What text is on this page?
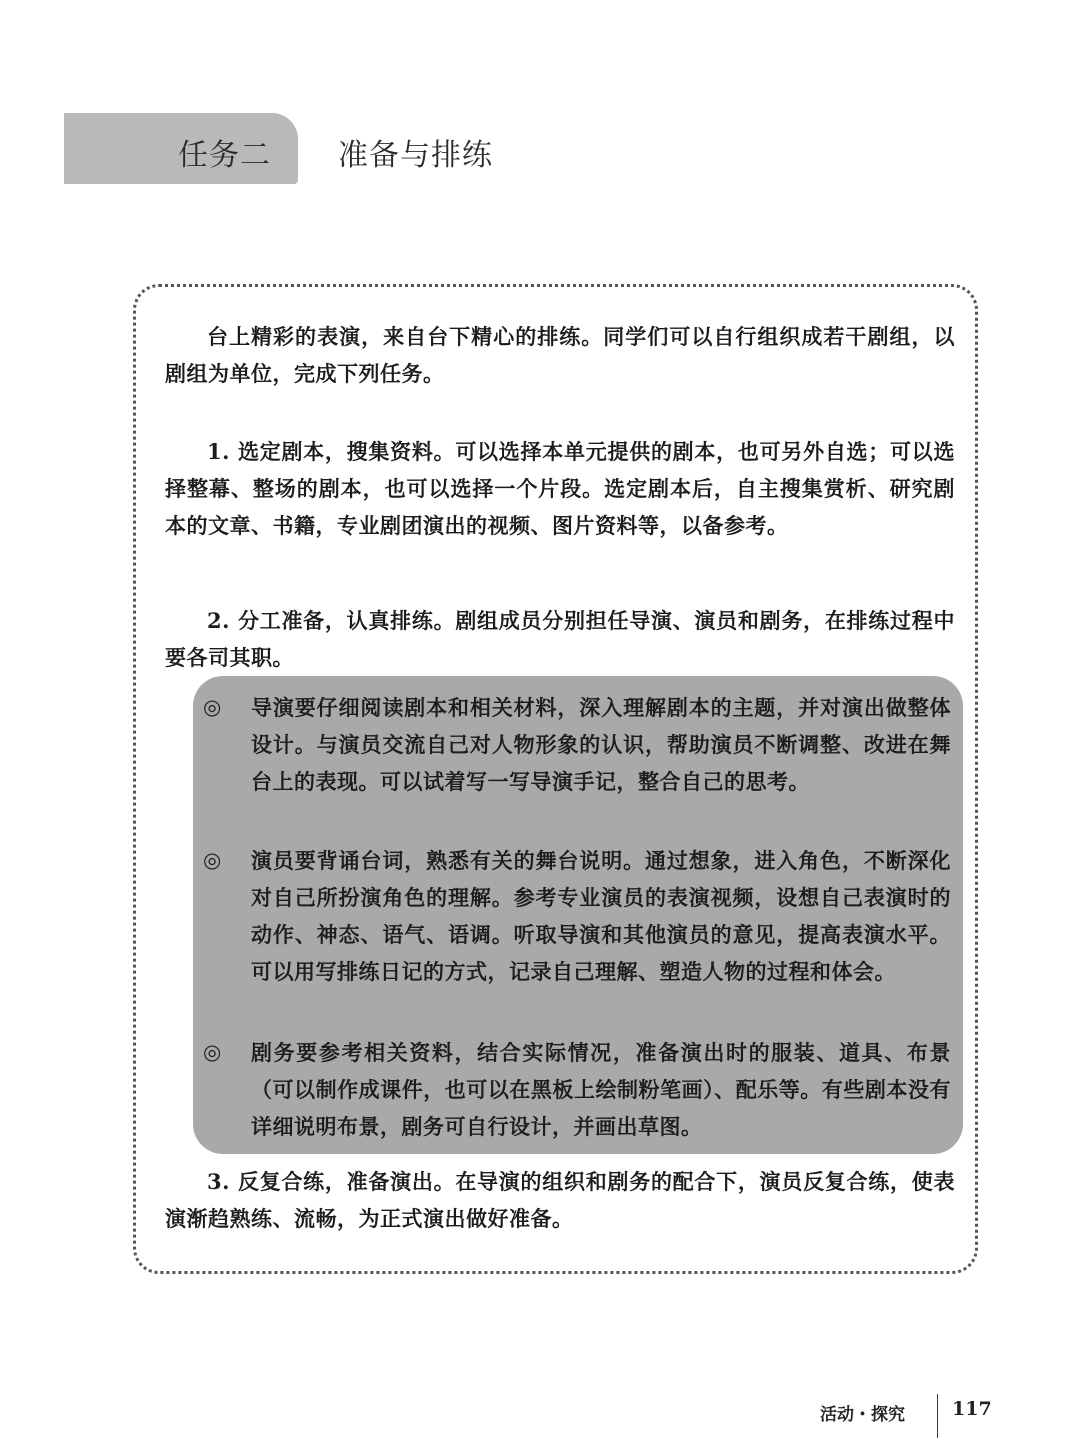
任务二 准备与排练

台上精彩的表演，来自台下精心的排练。同学们可以自行组织成若干剧组，以剧组为单位，完成下列任务。

1. 选定剧本，搜集资料。可以选择本单元提供的剧本，也可另外自选；可以选择整幕、整场的剧本，也可以选择一个片段。选定剧本后，自主搜集赏析、研究剧本的文章、书籍，专业剧团演出的视频、图片资料等，以备参考。

2. 分工准备，认真排练。剧组成员分别担任导演、演员和剧务，在排练过程中要各司其职。

◎	导演要仔细阅读剧本和相关材料，深入理解剧本的主题，并对演出做整体设计。与演员交流自己对人物形象的认识，帮助演员不断调整、改进在舞台上的表现。可以试着写一写导演手记，整合自己的思考。

◎	演员要背诵台词，熟悉有关的舞台说明。通过想象，进入角色，不断深化对自己所扮演角色的理解。参考专业演员的表演视频，设想自己表演时的动作、神态、语气、语调。听取导演和其他演员的意见，提高表演水平。可以用写排练日记的方式，记录自己理解、塑造人物的过程和体会。

◎	剧务要参考相关资料，结合实际情况，准备演出时的服装、道具、布景（可以制作成课件，也可以在黑板上绘制粉笔画）、配乐等。有些剧本没有详细说明布景，剧务可自行设计，并画出草图。

3. 反复合练，准备演出。在导演的组织和剧务的配合下，演员反复合练，使表演渐趋熟练、流畅，为正式演出做好准备。

活动・探究 117
